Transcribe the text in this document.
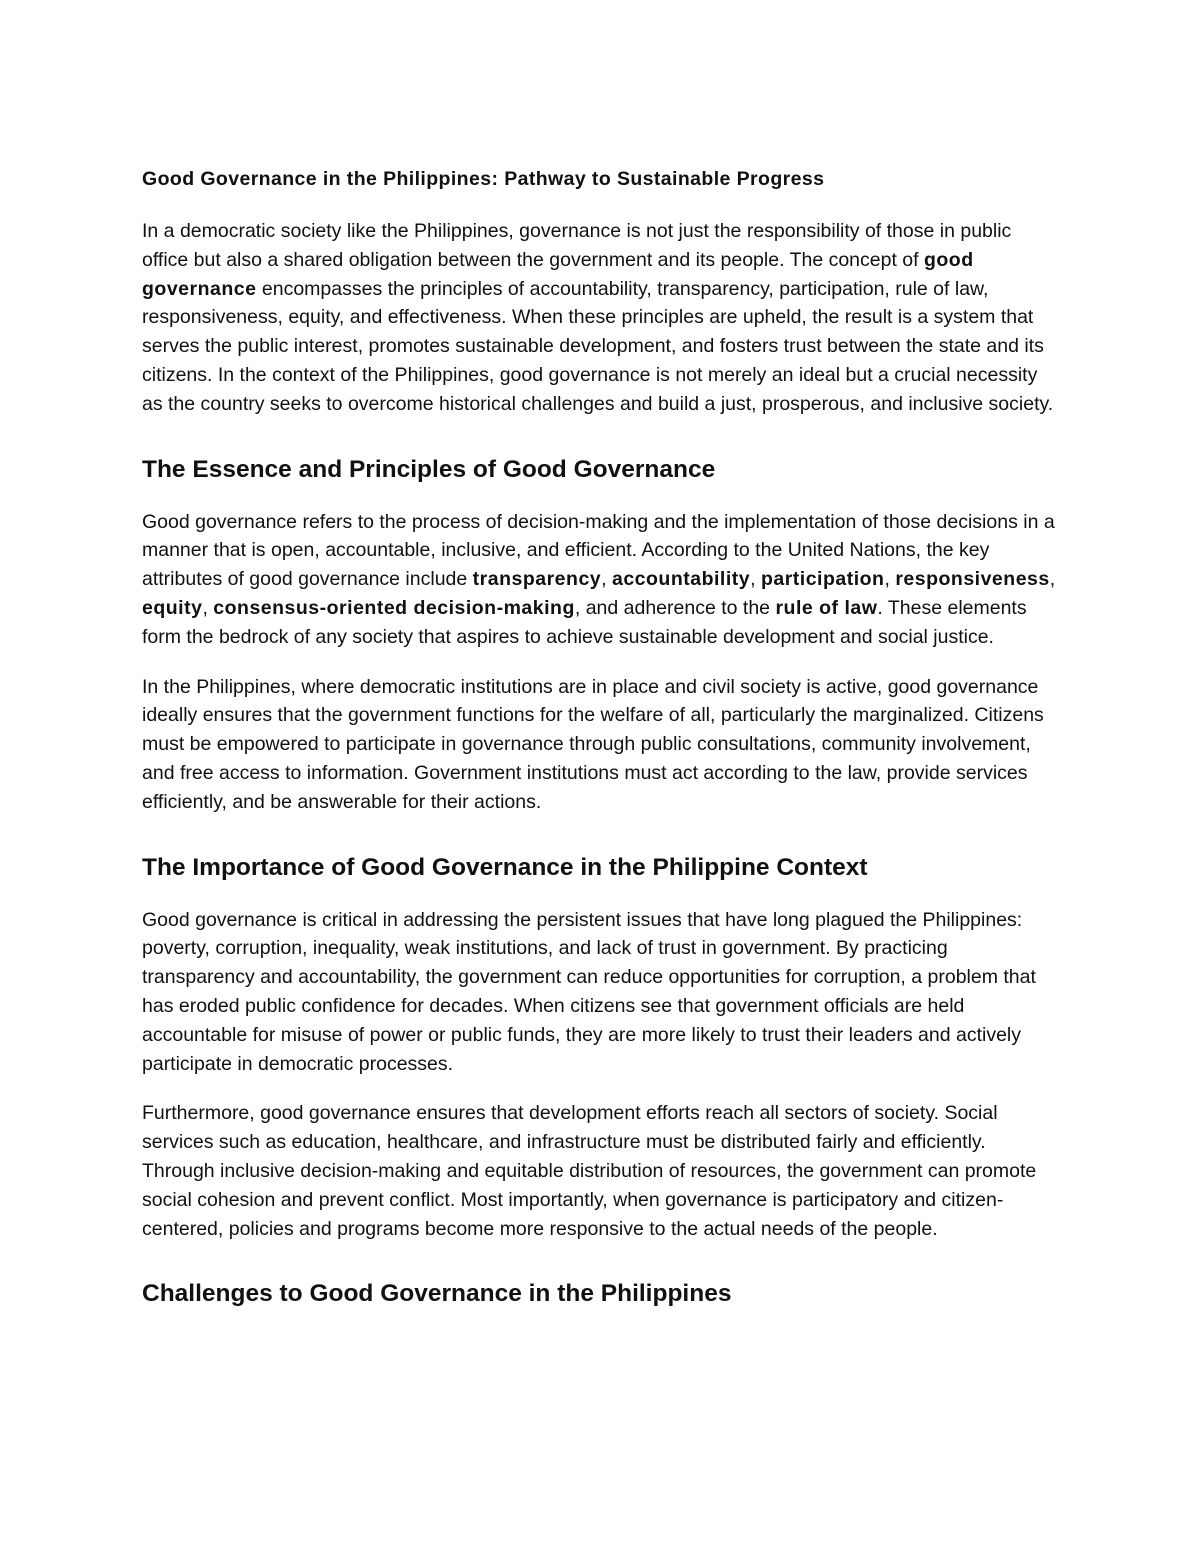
Good Governance in the Philippines: Pathway to Sustainable Progress

In a democratic society like the Philippines, governance is not just the responsibility of those in public office but also a shared obligation between the government and its people. The concept of good governance encompasses the principles of accountability, transparency, participation, rule of law, responsiveness, equity, and effectiveness. When these principles are upheld, the result is a system that serves the public interest, promotes sustainable development, and fosters trust between the state and its citizens. In the context of the Philippines, good governance is not merely an ideal but a crucial necessity as the country seeks to overcome historical challenges and build a just, prosperous, and inclusive society.

The Essence and Principles of Good Governance

Good governance refers to the process of decision-making and the implementation of those decisions in a manner that is open, accountable, inclusive, and efficient. According to the United Nations, the key attributes of good governance include transparency, accountability, participation, responsiveness, equity, consensus-oriented decision-making, and adherence to the rule of law. These elements form the bedrock of any society that aspires to achieve sustainable development and social justice.

In the Philippines, where democratic institutions are in place and civil society is active, good governance ideally ensures that the government functions for the welfare of all, particularly the marginalized. Citizens must be empowered to participate in governance through public consultations, community involvement, and free access to information. Government institutions must act according to the law, provide services efficiently, and be answerable for their actions.

The Importance of Good Governance in the Philippine Context

Good governance is critical in addressing the persistent issues that have long plagued the Philippines: poverty, corruption, inequality, weak institutions, and lack of trust in government. By practicing transparency and accountability, the government can reduce opportunities for corruption, a problem that has eroded public confidence for decades. When citizens see that government officials are held accountable for misuse of power or public funds, they are more likely to trust their leaders and actively participate in democratic processes.

Furthermore, good governance ensures that development efforts reach all sectors of society. Social services such as education, healthcare, and infrastructure must be distributed fairly and efficiently. Through inclusive decision-making and equitable distribution of resources, the government can promote social cohesion and prevent conflict. Most importantly, when governance is participatory and citizen-centered, policies and programs become more responsive to the actual needs of the people.

Challenges to Good Governance in the Philippines
